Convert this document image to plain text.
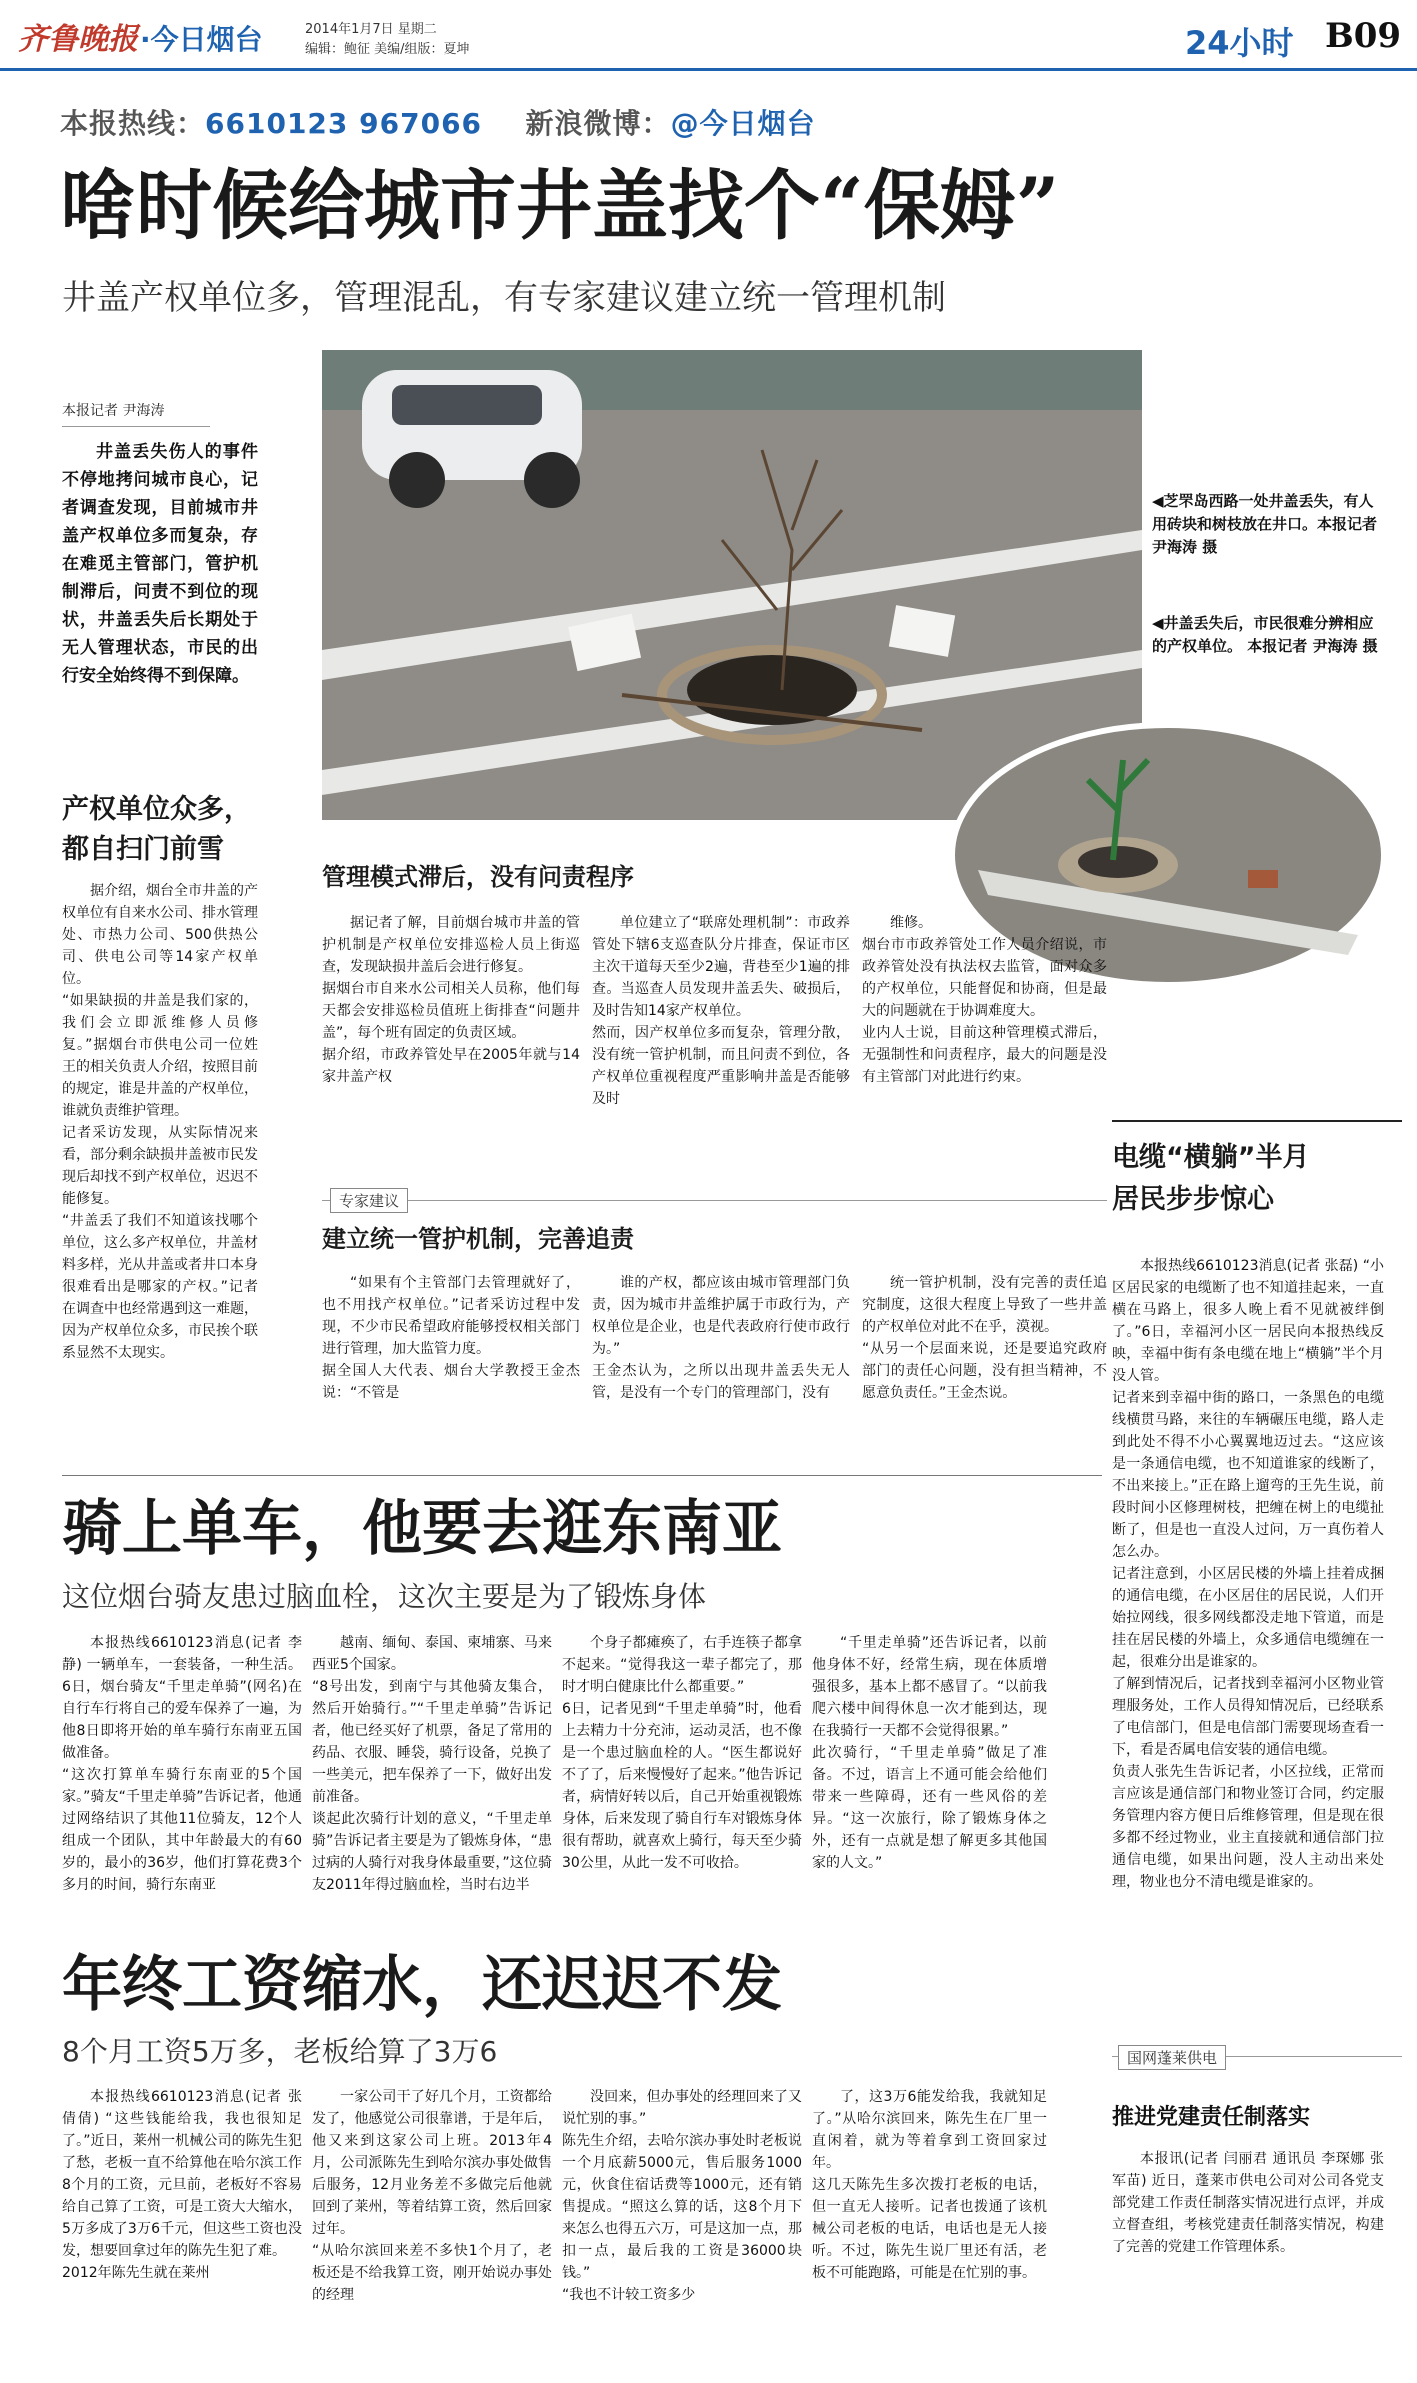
齐鲁晚报 ·今日烟台	2014年1月7日 星期二
编辑：鲍征 美编/组版：夏坤	24小时 B09
本报热线：6610123 967066 新浪微博：@今日烟台
啥时候给城市井盖找个“保姆”
井盖产权单位多，管理混乱，有专家建议建立统一管理机制
本报记者 尹海涛
井盖丢失伤人的事件不停地拷问城市良心，记者调查发现，目前城市井盖产权单位多而复杂，存在难觅主管部门，管护机制滞后，问责不到位的现状，井盖丢失后长期处于无人管理状态，市民的出行安全始终得不到保障。
◀芝罘岛西路一处井盖丢失，有人用砖块和树枝放在井口。本报记者 尹海涛 摄
◀井盖丢失后，市民很难分辨相应的产权单位。 本报记者 尹海涛 摄
产权单位众多，都自扫门前雪

据介绍，烟台全市井盖的产权单位有自来水公司、排水管理处、市热力公司、500供热公司、供电公司等14家产权单位。
“如果缺损的井盖是我们家的，我们会立即派维修人员修复。”据烟台市供电公司一位姓王的相关负责人介绍，按照目前的规定，谁是井盖的产权单位，谁就负责维护管理。
记者采访发现，从实际情况来看，部分剩余缺损井盖被市民发现后却找不到产权单位，迟迟不能修复。
“井盖丢了我们不知道该找哪个单位，这么多产权单位，井盖材料多样，光从井盖或者井口本身很难看出是哪家的产权。”记者在调查中也经常遇到这一难题，因为产权单位众多，市民挨个联系显然不太现实。

管理模式滞后，没有问责程序

据记者了解，目前烟台城市井盖的管护机制是产权单位安排巡检人员上街巡查，发现缺损井盖后会进行修复。
据烟台市自来水公司相关人员称，他们每天都会安排巡检员值班上街排查“问题井盖”，每个班有固定的负责区域。
据介绍，市政养管处早在2005年就与14家井盖产权

单位建立了“联席处理机制”：市政养管处下辖6支巡查队分片排查，保证市区主次干道每天至少2遍，背巷至少1遍的排查。当巡查人员发现井盖丢失、破损后，及时告知14家产权单位。
然而，因产权单位多而复杂，管理分散，没有统一管护机制，而且问责不到位，各产权单位重视程度严重影响井盖是否能够及时

维修。
烟台市市政养管处工作人员介绍说，市政养管处没有执法权去监管，面对众多的产权单位，只能督促和协商，但是最大的问题就在于协调难度大。
业内人士说，目前这种管理模式滞后，无强制性和问责程序，最大的问题是没有主管部门对此进行约束。

专家建议
建立统一管护机制，完善追责

“如果有个主管部门去管理就好了，也不用找产权单位。”记者采访过程中发现，不少市民希望政府能够授权相关部门进行管理，加大监管力度。
据全国人大代表、烟台大学教授王金杰说：“不管是

谁的产权，都应该由城市管理部门负责，因为城市井盖维护属于市政行为，产权单位是企业，也是代表政府行使市政行为。”
王金杰认为，之所以出现井盖丢失无人管，是没有一个专门的管理部门，没有

统一管护机制，没有完善的责任追究制度，这很大程度上导致了一些井盖的产权单位对此不在乎，漠视。
“从另一个层面来说，还是要追究政府部门的责任心问题，没有担当精神，不愿意负责任。”王金杰说。

电缆“横躺”半月
居民步步惊心

本报热线6610123消息(记者 张磊) “小区居民家的电缆断了也不知道挂起来，一直横在马路上，很多人晚上看不见就被绊倒了。”6日，幸福河小区一居民向本报热线反映，幸福中街有条电缆在地上“横躺”半个月没人管。
记者来到幸福中街的路口，一条黑色的电缆线横贯马路，来往的车辆碾压电缆，路人走到此处不得不小心翼翼地迈过去。“这应该是一条通信电缆，也不知道谁家的线断了，不出来接上。”正在路上遛弯的王先生说，前段时间小区修理树枝，把缠在树上的电缆扯断了，但是也一直没人过问，万一真伤着人怎么办。
记者注意到，小区居民楼的外墙上挂着成捆的通信电缆，在小区居住的居民说，人们开始拉网线，很多网线都没走地下管道，而是挂在居民楼的外墙上，众多通信电缆缠在一起，很难分出是谁家的。
了解到情况后，记者找到幸福河小区物业管理服务处，工作人员得知情况后，已经联系了电信部门，但是电信部门需要现场查看一下，看是否属电信安装的通信电缆。
负责人张先生告诉记者，小区拉线，正常而言应该是通信部门和物业签订合同，约定服务管理内容方便日后维修管理，但是现在很多都不经过物业，业主直接就和通信部门拉通信电缆，如果出问题，没人主动出来处理，物业也分不清电缆是谁家的。

骑上单车，他要去逛东南亚
这位烟台骑友患过脑血栓，这次主要是为了锻炼身体

本报热线6610123消息(记者 李静) 一辆单车，一套装备，一种生活。6日，烟台骑友“千里走单骑”(网名)在自行车行将自己的爱车保养了一遍，为他8日即将开始的单车骑行东南亚五国做准备。
“这次打算单车骑行东南亚的5个国家。”骑友“千里走单骑”告诉记者，他通过网络结识了其他11位骑友，12个人组成一个团队，其中年龄最大的有60岁的，最小的36岁，他们打算花费3个多月的时间，骑行东南亚

越南、缅甸、泰国、柬埔寨、马来西亚5个国家。
“8号出发，到南宁与其他骑友集合，然后开始骑行。”“千里走单骑”告诉记者，他已经买好了机票，备足了常用的药品、衣服、睡袋，骑行设备，兑换了一些美元，把车保养了一下，做好出发前准备。
谈起此次骑行计划的意义，“千里走单骑”告诉记者主要是为了锻炼身体，“患过病的人骑行对我身体最重要，”这位骑友2011年得过脑血栓，当时右边半

个身子都瘫痪了，右手连筷子都拿不起来。“觉得我这一辈子都完了，那时才明白健康比什么都重要。”
6日，记者见到“千里走单骑”时，他看上去精力十分充沛，运动灵活，也不像是一个患过脑血栓的人。“医生都说好不了了，后来慢慢好了起来。”他告诉记者，病情好转以后，自己开始重视锻炼身体，后来发现了骑自行车对锻炼身体很有帮助，就喜欢上骑行，每天至少骑30公里，从此一发不可收拾。

“千里走单骑”还告诉记者，以前他身体不好，经常生病，现在体质增强很多，基本上都不感冒了。“以前我爬六楼中间得休息一次才能到达，现在我骑行一天都不会觉得很累。”
此次骑行，“千里走单骑”做足了准备。不过，语言上不通可能会给他们带来一些障碍，还有一些风俗的差异。“这一次旅行，除了锻炼身体之外，还有一点就是想了解更多其他国家的人文。”

年终工资缩水，还迟迟不发
8个月工资5万多，老板给算了3万6

本报热线6610123消息(记者 张倩倩) “这些钱能给我，我也很知足了。”近日，莱州一机械公司的陈先生犯了愁，老板一直不给算他在哈尔滨工作8个月的工资，元旦前，老板好不容易给自己算了工资，可是工资大大缩水，5万多成了3万6千元，但这些工资也没发，想要回拿过年的陈先生犯了难。
2012年陈先生就在莱州

一家公司干了好几个月，工资都给发了，他感觉公司很靠谱，于是年后，他又来到这家公司上班。2013年4月，公司派陈先生到哈尔滨办事处做售后服务，12月业务差不多做完后他就回到了莱州，等着结算工资，然后回家过年。
“从哈尔滨回来差不多快1个月了，老板还是不给我算工资，刚开始说办事处的经理

没回来，但办事处的经理回来了又说忙别的事。”
陈先生介绍，去哈尔滨办事处时老板说一个月底薪5000元，售后服务1000元，伙食住宿话费等1000元，还有销售提成。“照这么算的话，这8个月下来怎么也得五六万，可是这加一点，那扣一点，最后我的工资是36000块钱。”
“我也不计较工资多少

了，这3万6能发给我，我就知足了。”从哈尔滨回来，陈先生在厂里一直闲着，就为等着拿到工资回家过年。
这几天陈先生多次拨打老板的电话，但一直无人接听。记者也拨通了该机械公司老板的电话，电话也是无人接听。不过，陈先生说厂里还有活，老板不可能跑路，可能是在忙别的事。

国网蓬莱供电
推进党建责任制落实

本报讯(记者 闫丽君 通讯员 李琛娜 张军苗) 近日，蓬莱市供电公司对公司各党支部党建工作责任制落实情况进行点评，并成立督查组，考核党建责任制落实情况，构建了完善的党建工作管理体系。
